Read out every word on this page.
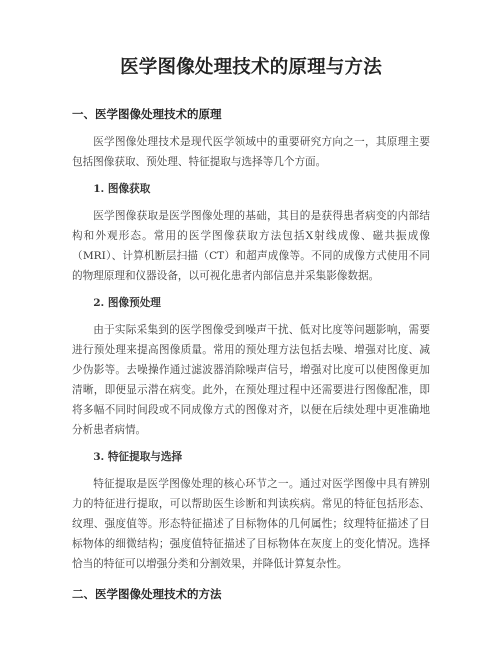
医学图像处理技术的原理与方法
一、医学图像处理技术的原理

医学图像处理技术是现代医学领域中的重要研究方向之一，其原理主要包括图像获取、预处理、特征提取与选择等几个方面。

1. 图像获取

医学图像获取是医学图像处理的基础，其目的是获得患者病变的内部结构和外观形态。常用的医学图像获取方法包括X射线成像、磁共振成像（MRI）、计算机断层扫描（CT）和超声成像等。不同的成像方式使用不同的物理原理和仪器设备，以可视化患者内部信息并采集影像数据。

2. 图像预处理

由于实际采集到的医学图像受到噪声干扰、低对比度等问题影响，需要进行预处理来提高图像质量。常用的预处理方法包括去噪、增强对比度、减少伪影等。去噪操作通过滤波器消除噪声信号，增强对比度可以使图像更加清晰，即便显示潜在病变。此外，在预处理过程中还需要进行图像配准，即将多幅不同时间段或不同成像方式的图像对齐，以便在后续处理中更准确地分析患者病情。

3. 特征提取与选择

特征提取是医学图像处理的核心环节之一。通过对医学图像中具有辨别力的特征进行提取，可以帮助医生诊断和判读疾病。常见的特征包括形态、纹理、强度值等。形态特征描述了目标物体的几何属性；纹理特征描述了目标物体的细微结构；强度值特征描述了目标物体在灰度上的变化情况。选择恰当的特征可以增强分类和分割效果，并降低计算复杂性。

二、医学图像处理技术的方法
